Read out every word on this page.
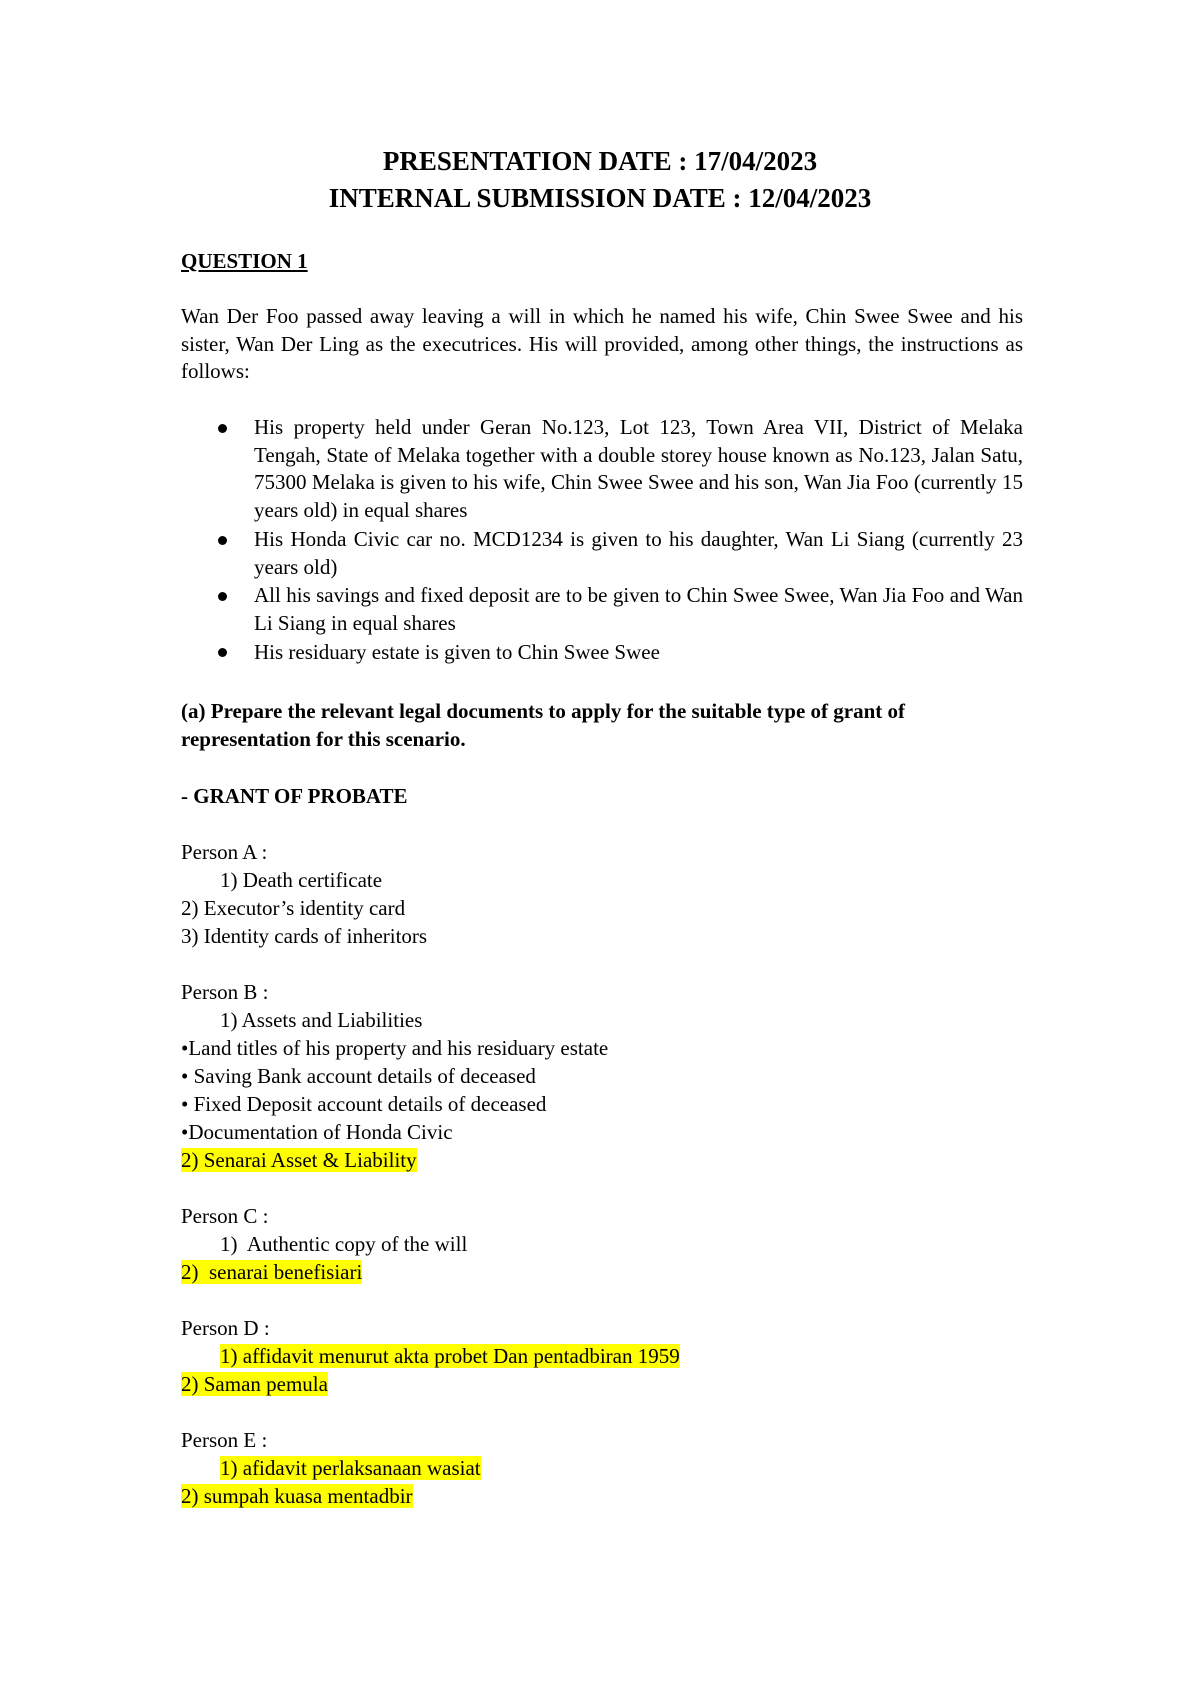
PRESENTATION DATE : 17/04/2023
INTERNAL SUBMISSION DATE : 12/04/2023
QUESTION 1
Wan Der Foo passed away leaving a will in which he named his wife, Chin Swee Swee and his sister, Wan Der Ling as the executrices. His will provided, among other things, the instructions as follows:
His property held under Geran No.123, Lot 123, Town Area VII, District of Melaka Tengah, State of Melaka together with a double storey house known as No.123, Jalan Satu, 75300 Melaka is given to his wife, Chin Swee Swee and his son, Wan Jia Foo (currently 15 years old) in equal shares
His Honda Civic car no. MCD1234 is given to his daughter, Wan Li Siang (currently 23 years old)
All his savings and fixed deposit are to be given to Chin Swee Swee, Wan Jia Foo and Wan Li Siang in equal shares
His residuary estate is given to Chin Swee Swee
(a) Prepare the relevant legal documents to apply for the suitable type of grant of representation for this scenario.
- GRANT OF PROBATE
Person A :
1) Death certificate
2) Executor’s identity card
3) Identity cards of inheritors
Person B :
1) Assets and Liabilities
•Land titles of his property and his residuary estate
• Saving Bank account details of deceased
• Fixed Deposit account details of deceased
•Documentation of Honda Civic
2) Senarai Asset & Liability
Person C :
1)  Authentic copy of the will
2)  senarai benefisiari
Person D :
1) affidavit menurut akta probet Dan pentadbiran 1959
2) Saman pemula
Person E :
1) afidavit perlaksanaan wasiat
2) sumpah kuasa mentadbir
